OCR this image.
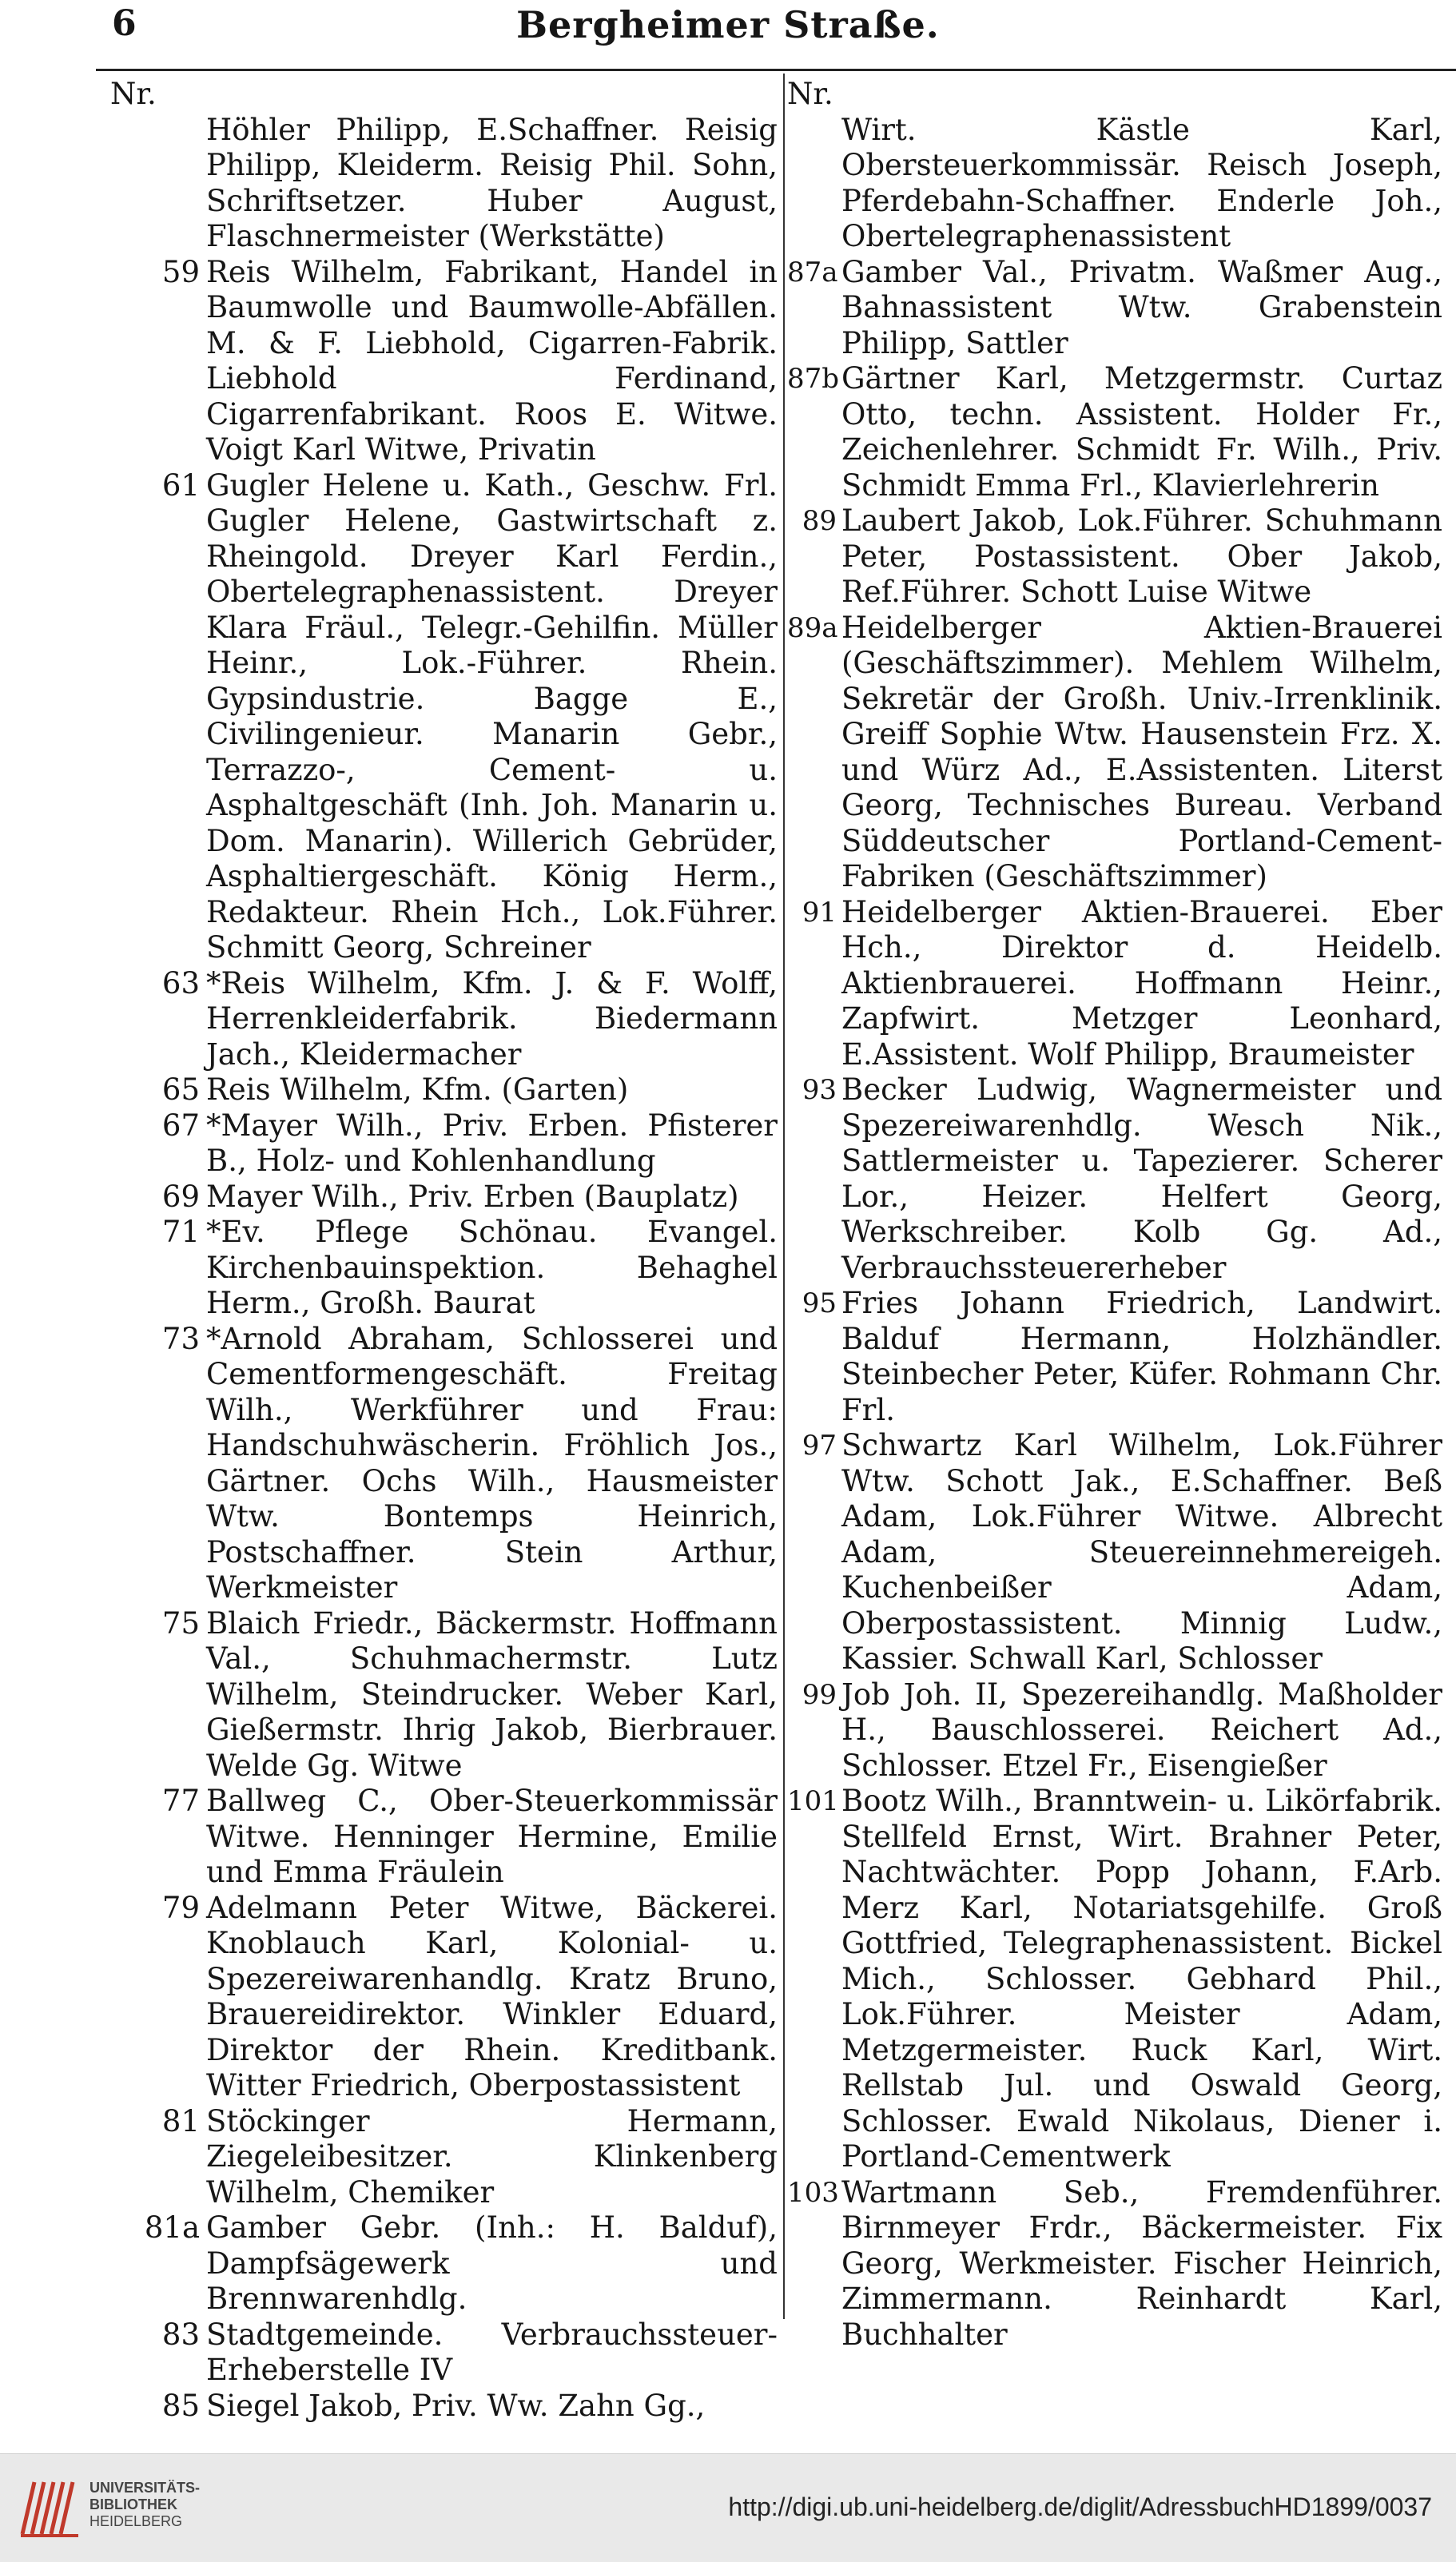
6	Bergheimer Straße.
Nr.
Höhler Philipp, E.Schaffner. Reisig Philipp, Kleiderm. Reisig Phil. Sohn, Schriftsetzer. Huber August, Flaschnermeister (Werkstätte)
59 Reis Wilhelm, Fabrikant, Handel in Baumwolle und Baumwolle-Abfällen. M. & F. Liebhold, Cigarren-Fabrik. Liebhold Ferdinand, Cigarrenfabrikant. Roos E. Witwe. Voigt Karl Witwe, Privatin
61 Gugler Helene u. Kath., Geschw. Frl. Gugler Helene, Gastwirtschaft z. Rheingold. Dreyer Karl Ferdin., Obertelegraphenassistent. Dreyer Klara Fräul., Telegr.-Gehilfin. Müller Heinr., Lok.-Führer. Rhein. Gypsindustrie. Bagge E., Civilingenieur. Manarin Gebr., Terrazzo-, Cement- u. Asphaltgeschäft (Inh. Joh. Manarin u. Dom. Manarin). Willerich Gebrüder, Asphaltiergeschäft. König Herm., Redakteur. Rhein Hch., Lok.Führer. Schmitt Georg, Schreiner
63 *Reis Wilhelm, Kfm. J. & F. Wolff, Herrenkleiderfabrik. Biedermann Jach., Kleidermacher
65 Reis Wilhelm, Kfm. (Garten)
67 *Mayer Wilh., Priv. Erben. Pfisterer B., Holz- und Kohlenhandlung
69 Mayer Wilh., Priv. Erben (Bauplatz)
71 *Ev. Pflege Schönau. Evangel. Kirchenbauinspektion. Behaghel Herm., Großh. Baurat
73 *Arnold Abraham, Schlosserei und Cementformengeschäft. Freitag Wilh., Werkführer und Frau: Handschuhwäscherin. Fröhlich Jos., Gärtner. Ochs Wilh., Hausmeister Wtw. Bontemps Heinrich, Postschaffner. Stein Arthur, Werkmeister
75 Blaich Friedr., Bäckermstr. Hoffmann Val., Schuhmachermstr. Lutz Wilhelm, Steindrucker. Weber Karl, Gießermstr. Ihrig Jakob, Bierbrauer. Welde Gg. Witwe
77 Ballweg C., Ober-Steuerkommissär Witwe. Henninger Hermine, Emilie und Emma Fräulein
79 Adelmann Peter Witwe, Bäckerei. Knoblauch Karl, Kolonial- u. Spezereiwarenhandlg. Kratz Bruno, Brauereidirektor. Winkler Eduard, Direktor der Rhein. Kreditbank. Witter Friedrich, Oberpostassistent
81 Stöckinger Hermann, Ziegeleibesitzer. Klinkenberg Wilhelm, Chemiker
81a Gamber Gebr. (Inh.: H. Balduf), Dampfsägewerk und Brennwarenhdlg.
83 Stadtgemeinde. Verbrauchssteuer-Erheberstelle IV
85 Siegel Jakob, Priv. Ww. Zahn Gg.,
Nr.
Wirt. Kästle Karl, Obersteuerkommissär. Reisch Joseph, Pferdebahn-Schaffner. Enderle Joh., Obertelegraphenassistent
87a Gamber Val., Privatm. Waßmer Aug., Bahnassistent Wtw. Grabenstein Philipp, Sattler
87b Gärtner Karl, Metzgermstr. Curtaz Otto, techn. Assistent. Holder Fr., Zeichenlehrer. Schmidt Fr. Wilh., Priv. Schmidt Emma Frl., Klavierlehrerin
89 Laubert Jakob, Lok.Führer. Schuhmann Peter, Postassistent. Ober Jakob, Ref.Führer. Schott Luise Witwe
89a Heidelberger Aktien-Brauerei (Geschäftszimmer). Mehlem Wilhelm, Sekretär der Großh. Univ.-Irrenklinik. Greiff Sophie Wtw. Hausenstein Frz. X. und Würz Ad., E.Assistenten. Literst Georg, Technisches Bureau. Verband Süddeutscher Portland-Cement-Fabriken (Geschäftszimmer)
91 Heidelberger Aktien-Brauerei. Eber Hch., Direktor d. Heidelb. Aktienbrauerei. Hoffmann Heinr., Zapfwirt. Metzger Leonhard, E.Assistent. Wolf Philipp, Braumeister
93 Becker Ludwig, Wagnermeister und Spezereiwarenhdlg. Wesch Nik., Sattlermeister u. Tapezierer. Scherer Lor., Heizer. Helfert Georg, Werkschreiber. Kolb Gg. Ad., Verbrauchssteuererheber
95 Fries Johann Friedrich, Landwirt. Balduf Hermann, Holzhändler. Steinbecher Peter, Küfer. Rohmann Chr. Frl.
97 Schwartz Karl Wilhelm, Lok.Führer Wtw. Schott Jak., E.Schaffner. Beß Adam, Lok.Führer Witwe. Albrecht Adam, Steuereinnehmereigeh. Kuchenbeißer Adam, Oberpostassistent. Minnig Ludw., Kassier. Schwall Karl, Schlosser
99 Job Joh. II, Spezereihandlg. Maßholder H., Bauschlosserei. Reichert Ad., Schlosser. Etzel Fr., Eisengießer
101 Bootz Wilh., Branntwein- u. Likörfabrik. Stellfeld Ernst, Wirt. Brahner Peter, Nachtwächter. Popp Johann, F.Arb. Merz Karl, Notariatsgehilfe. Groß Gottfried, Telegraphenassistent. Bickel Mich., Schlosser. Gebhard Phil., Lok.Führer. Meister Adam, Metzgermeister. Ruck Karl, Wirt. Rellstab Jul. und Oswald Georg, Schlosser. Ewald Nikolaus, Diener i. Portland-Cementwerk
103 Wartmann Seb., Fremdenführer. Birnmeyer Frdr., Bäckermeister. Fix Georg, Werkmeister. Fischer Heinrich, Zimmermann. Reinhardt Karl, Buchhalter
UNIVERSITÄTS-
BIBLIOTHEK
HEIDELBERG	http://digi.ub.uni-heidelberg.de/diglit/AdressbuchHD1899/0037
